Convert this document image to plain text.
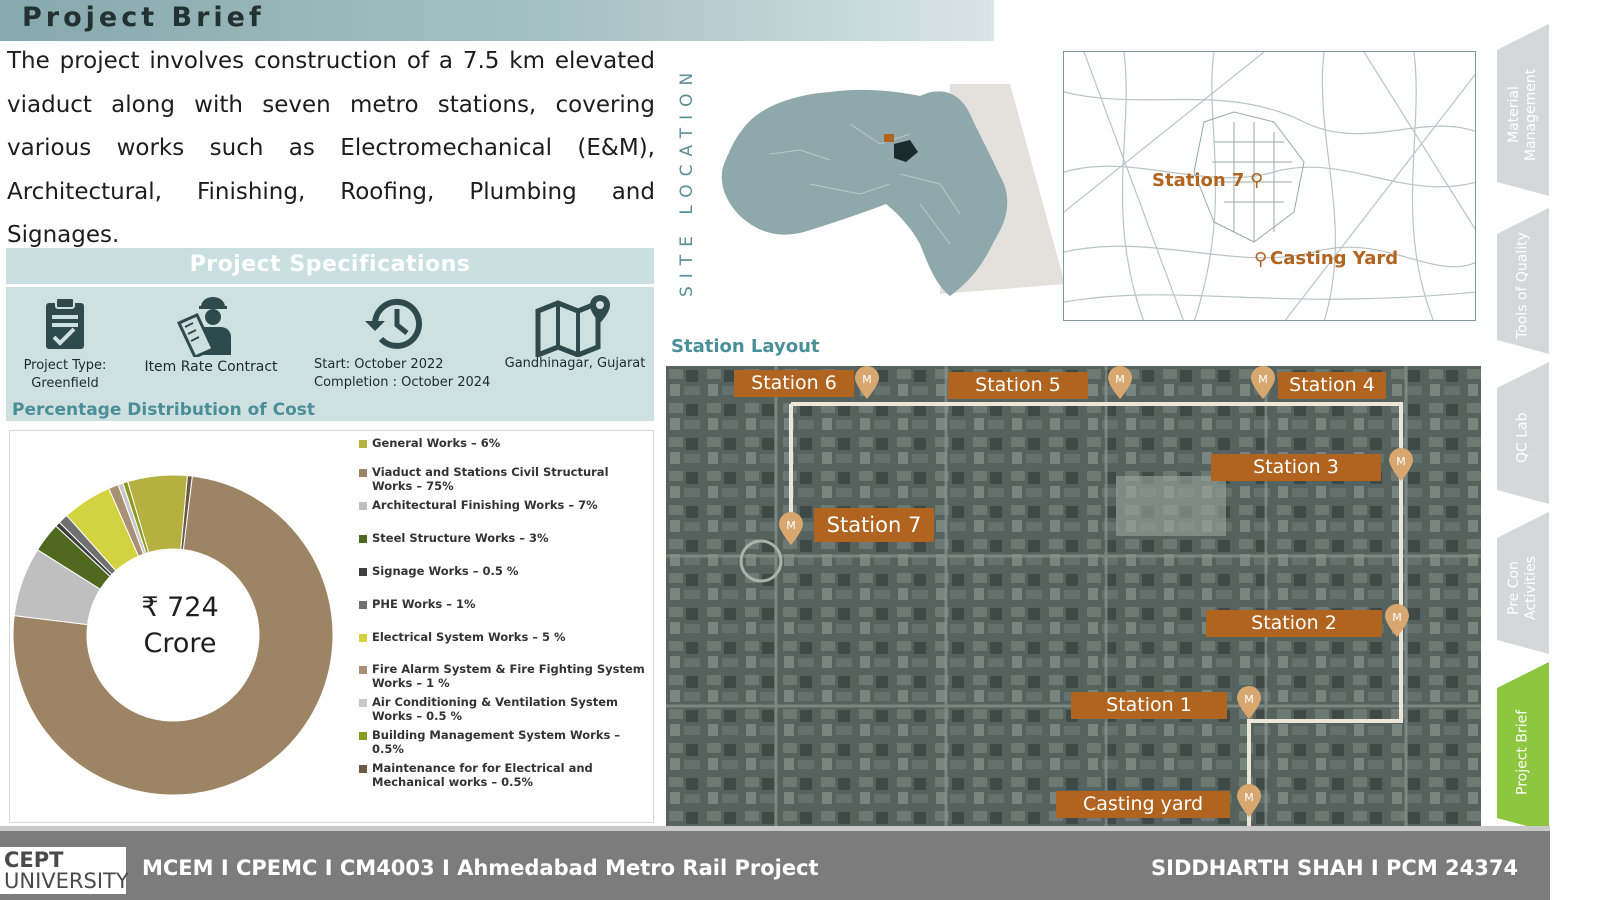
Project Brief
The project involves construction of a 7.5 km elevated viaduct along with seven metro stations, covering various works such as Electromechanical (E&M), Architectural, Finishing, Roofing, Plumbing and Signages.
Project Specifications
Project Type:
Greenfield
Item Rate Contract	Start: October 2022
Completion : October 2024
Gandhinagar, Gujarat
Percentage Distribution of Cost
₹ 724
Crore
General Works – 6%
Viaduct and Stations Civil Structural Works – 75%
Architectural Finishing Works – 7%
Steel Structure Works – 3%
Signage Works – 0.5 %
PHE Works – 1%
Electrical System Works – 5 %
Fire Alarm System & Fire Fighting System Works – 1 %
Air Conditioning & Ventilation System Works – 0.5 %
Building Management System Works – 0.5%
Maintenance for for Electrical and Mechanical works – 0.5%
SITE LOCATION	Station 7 ⚲
⚲ Casting Yard
Station Layout
Station 6	Station 5	Station 4
Station 3
Station 7
Station 2
Station 1
Casting yard
M	M	M
M
M
M
M
M
Material Management
Tools of Quality
QC Lab
Pre Con Activities
Project Brief
CEPT
UNIVERSITY
MCEM I CPEMC I CM4003 I Ahmedabad Metro Rail Project	SIDDHARTH SHAH I PCM 24374
